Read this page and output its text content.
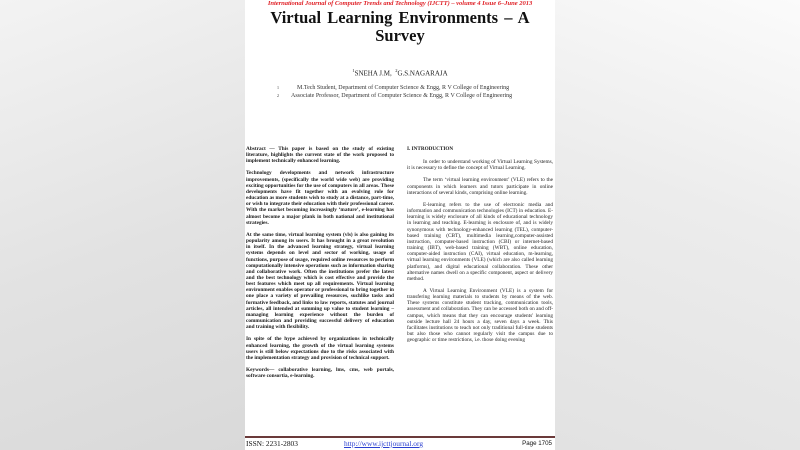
International Journal of Computer Trends and Technology (IJCTT) – volume 4 Issue 6–June 2013
Virtual Learning Environments – A
Survey
$^1$SNEHA J.M, $^2$G.S.NAGARAJA
1	M.Tech Student, Department of Computer Science & Engg, R V College of Engineering
2	Associate Professor, Department of Computer Science & Engg, R V College of Engineering

Abstract — This paper is based on the study of existing literature, highlights the current state of the work proposed to implement technically enhanced learning.

Technology developments and network infrastructure improvements, (specifically the world wide web) are providing exciting opportunities for the use of computers in all areas. These developments have fit together with an evolving role for education as more students wish to study at a distance, part-time, or wish to integrate their education with their professional career. With the market becoming increasingly ‘mature’, e-learning has almost become a major plank in both national and institutional strategies.

At the same time, virtual learning system (vls) is also gaining its popularity among its users. It has brought in a great revolution in itself. In the advanced learning strategy, virtual learning systems depends on level and sector of working, usage of functions, purpose of usage, required online resources to perform computationally intensive operations such as information sharing and collaborative work. Often the institutions prefer the latest and the best technology which is cost effective and provide the best features which meet up all requirements. Virtual learning environment enables operator or professional to bring together in one place a variety of prevailing resources, suchlike tasks and formative feedback, and links to law reports, statutes and journal articles, all intended at summing up value to student learning – managing learning experience without the burden of communication and providing successful delivery of education and training with flexibility.

In spite of the hype achieved by organizations in technically enhanced learning, the growth of the virtual learning systems users is still below expectations due to the risks associated with the implementation strategy and provision of technical support.

Keywords— collaborative learning, lms, cms, web portals, software consortia, e-learning.

I. INTRODUCTION

In order to understand working of Virtual Learning Systems, it is necessary to define the concept of Virtual Learning.

The term ‘virtual learning environment’ (VLE) refers to the components in which learners and tutors participate in online interactions of several kinds, comprising online learning.

E-learning refers to the use of electronic media and information and communication technologies (ICT) in education. E-learning is widely enclosure of all kinds of educational technology in learning and teaching. E-learning is enclosure of, and is widely synonymous with technology-enhanced learning (TEL), computer-based training (CBT), multimedia learning,computer-assisted instruction, computer-based instruction (CBI) or internet-based training (IBT), web-based training (WBT), online education, computer-aided instruction (CAI), virtual education, m-learning, virtual learning environments (VLE) (which are also called learning platforms), and digital educational collaboration. These other alternative names dwell on a specific component, aspect or delivery method.

A Virtual Learning Environment (VLE) is a system for transfering learning materials to students by means of the web. These systems constitute student tracking, communication tools, assessment and collaboration. They can be accessed both on and off-campus, which means that they can encourage students' learning outside lecture hall 24 hours a day, seven days a week. This facilitates institutions to teach not only traditional full-time students but also those who cannot regularly visit the campus due to geographic or time restrictions, i.e. those doing evening

ISSN: 2231-2803	http://www.ijcttjournal.org	Page 1705
